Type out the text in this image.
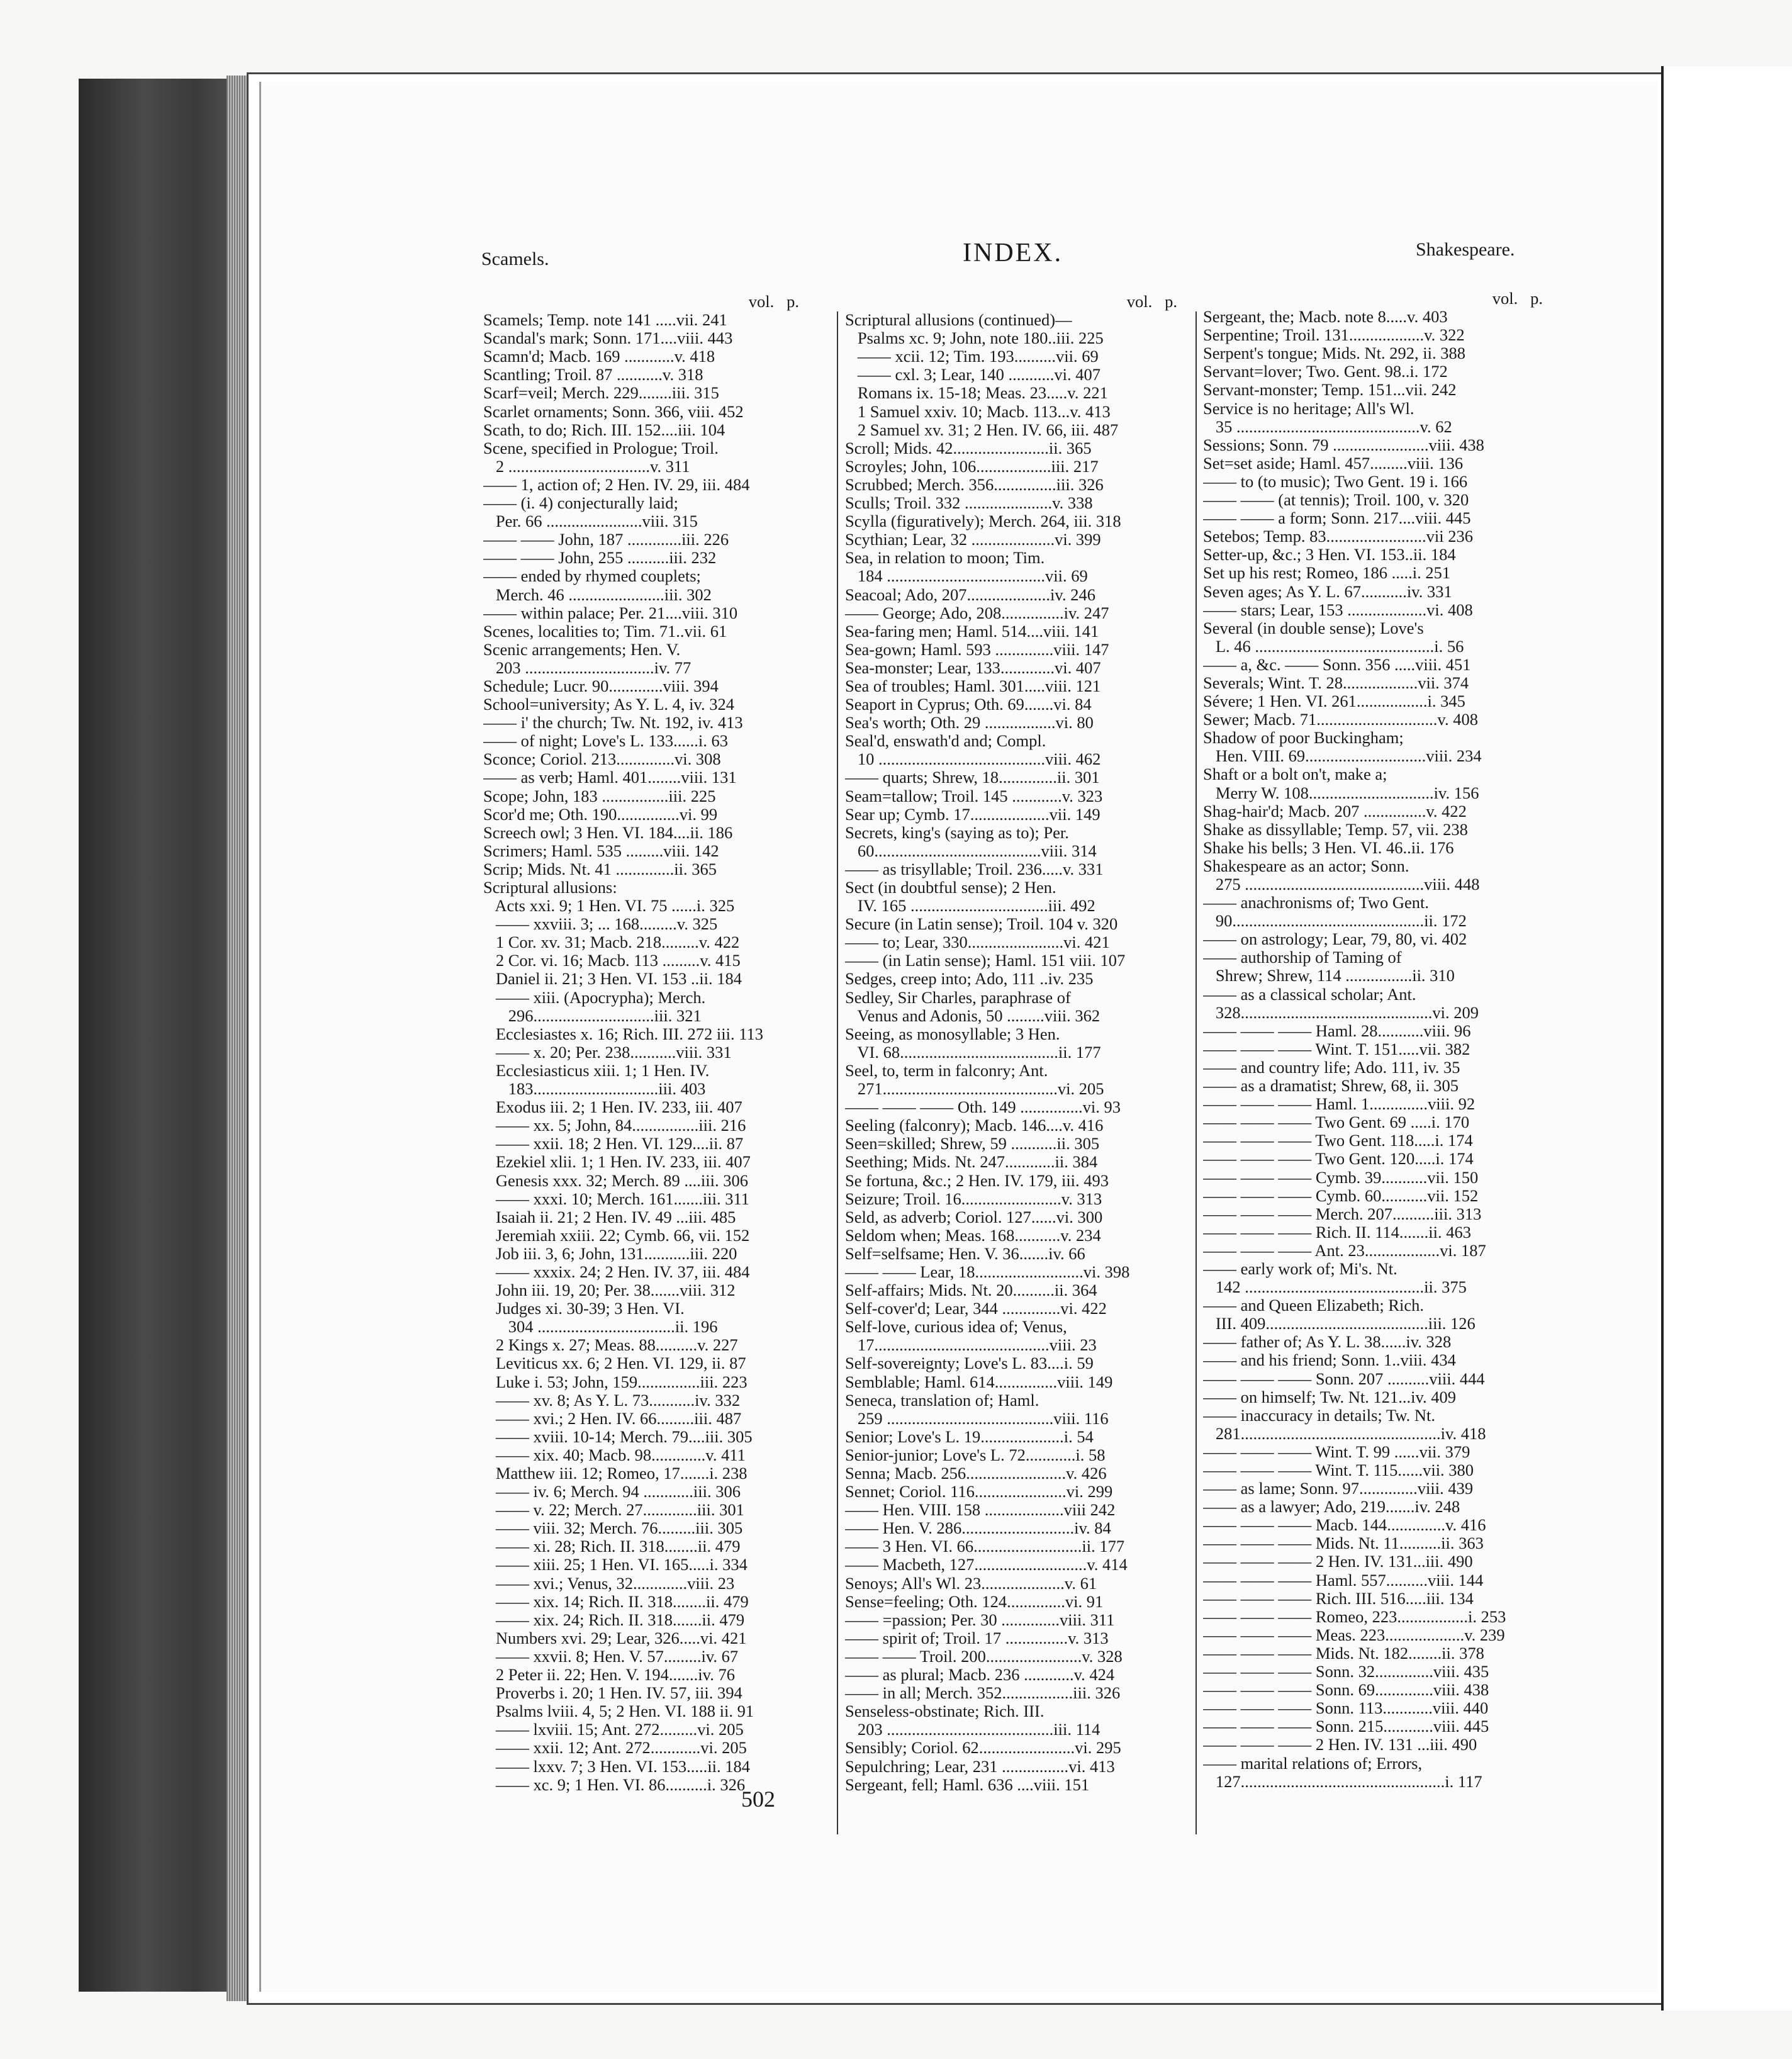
Scamels.	INDEX.	Shakespeare.
vol.   p.
Scamels; Temp. note 141 .....vii. 241
Scandal's mark; Sonn. 171....viii. 443
Scamn'd; Macb. 169 ............v. 418
Scantling; Troil. 87 ...........v. 318
Scarf=veil; Merch. 229........iii. 315
Scarlet ornaments; Sonn. 366, viii. 452
Scath, to do; Rich. III. 152....iii. 104
Scene, specified in Prologue; Troil.
2 ..................................v. 311
—— 1, action of; 2 Hen. IV. 29, iii. 484
—— (i. 4) conjecturally laid;
Per. 66 .......................viii. 315
—— —— John, 187 .............iii. 226
—— —— John, 255 ..........iii. 232
—— ended by rhymed couplets;
Merch. 46 .......................iii. 302
—— within palace; Per. 21....viii. 310
Scenes, localities to; Tim. 71..vii. 61
Scenic arrangements; Hen. V.
203 ...............................iv. 77
Schedule; Lucr. 90.............viii. 394
School=university; As Y. L. 4, iv. 324
—— i' the church; Tw. Nt. 192, iv. 413
—— of night; Love's L. 133......i. 63
Sconce; Coriol. 213..............vi. 308
—— as verb; Haml. 401........viii. 131
Scope; John, 183 ................iii. 225
Scor'd me; Oth. 190...............vi. 99
Screech owl; 3 Hen. VI. 184....ii. 186
Scrimers; Haml. 535 .........viii. 142
Scrip; Mids. Nt. 41 ..............ii. 365
Scriptural allusions:
Acts xxi. 9; 1 Hen. VI. 75 ......i. 325
—— xxviii. 3; ... 168.........v. 325
1 Cor. xv. 31; Macb. 218.........v. 422
2 Cor. vi. 16; Macb. 113 .........v. 415
Daniel ii. 21; 3 Hen. VI. 153 ..ii. 184
—— xiii. (Apocrypha); Merch.
296.............................iii. 321
Ecclesiastes x. 16; Rich. III. 272 iii. 113
—— x. 20; Per. 238...........viii. 331
Ecclesiasticus xiii. 1; 1 Hen. IV.
183..............................iii. 403
Exodus iii. 2; 1 Hen. IV. 233, iii. 407
—— xx. 5; John, 84................iii. 216
—— xxii. 18; 2 Hen. VI. 129....ii. 87
Ezekiel xlii. 1; 1 Hen. IV. 233, iii. 407
Genesis xxx. 32; Merch. 89 ....iii. 306
—— xxxi. 10; Merch. 161.......iii. 311
Isaiah ii. 21; 2 Hen. IV. 49 ...iii. 485
Jeremiah xxiii. 22; Cymb. 66, vii. 152
Job iii. 3, 6; John, 131...........iii. 220
—— xxxix. 24; 2 Hen. IV. 37, iii. 484
John iii. 19, 20; Per. 38.......viii. 312
Judges xi. 30-39; 3 Hen. VI.
304 .................................ii. 196
2 Kings x. 27; Meas. 88..........v. 227
Leviticus xx. 6; 2 Hen. VI. 129, ii. 87
Luke i. 53; John, 159...............iii. 223
—— xv. 8; As Y. L. 73...........iv. 332
—— xvi.; 2 Hen. IV. 66.........iii. 487
—— xviii. 10-14; Merch. 79....iii. 305
—— xix. 40; Macb. 98.............v. 411
Matthew iii. 12; Romeo, 17.......i. 238
—— iv. 6; Merch. 94 ............iii. 306
—— v. 22; Merch. 27.............iii. 301
—— viii. 32; Merch. 76.........iii. 305
—— xi. 28; Rich. II. 318........ii. 479
—— xiii. 25; 1 Hen. VI. 165.....i. 334
—— xvi.; Venus, 32.............viii. 23
—— xix. 14; Rich. II. 318........ii. 479
—— xix. 24; Rich. II. 318.......ii. 479
Numbers xvi. 29; Lear, 326.....vi. 421
—— xxvii. 8; Hen. V. 57.........iv. 67
2 Peter ii. 22; Hen. V. 194.......iv. 76
Proverbs i. 20; 1 Hen. IV. 57, iii. 394
Psalms lviii. 4, 5; 2 Hen. VI. 188 ii. 91
—— lxviii. 15; Ant. 272.........vi. 205
—— xxii. 12; Ant. 272............vi. 205
—— lxxv. 7; 3 Hen. VI. 153.....ii. 184
—— xc. 9; 1 Hen. VI. 86..........i. 326
vol.   p.
Scriptural allusions (continued)—
Psalms xc. 9; John, note 180..iii. 225
—— xcii. 12; Tim. 193..........vii. 69
—— cxl. 3; Lear, 140 ...........vi. 407
Romans ix. 15-18; Meas. 23.....v. 221
1 Samuel xxiv. 10; Macb. 113...v. 413
2 Samuel xv. 31; 2 Hen. IV. 66, iii. 487
Scroll; Mids. 42.......................ii. 365
Scroyles; John, 106..................iii. 217
Scrubbed; Merch. 356...............iii. 326
Sculls; Troil. 332 .....................v. 338
Scylla (figuratively); Merch. 264, iii. 318
Scythian; Lear, 32 ....................vi. 399
Sea, in relation to moon; Tim.
184 ......................................vii. 69
Seacoal; Ado, 207....................iv. 246
—— George; Ado, 208...............iv. 247
Sea-faring men; Haml. 514....viii. 141
Sea-gown; Haml. 593 ..............viii. 147
Sea-monster; Lear, 133.............vi. 407
Sea of troubles; Haml. 301.....viii. 121
Seaport in Cyprus; Oth. 69.......vi. 84
Sea's worth; Oth. 29 .................vi. 80
Seal'd, enswath'd and; Compl.
10 ........................................viii. 462
—— quarts; Shrew, 18..............ii. 301
Seam=tallow; Troil. 145 ............v. 323
Sear up; Cymb. 17...................vii. 149
Secrets, king's (saying as to); Per.
60........................................viii. 314
—— as trisyllable; Troil. 236.....v. 331
Sect (in doubtful sense); 2 Hen.
IV. 165 .................................iii. 492
Secure (in Latin sense); Troil. 104 v. 320
—— to; Lear, 330.......................vi. 421
—— (in Latin sense); Haml. 151 viii. 107
Sedges, creep into; Ado, 111 ..iv. 235
Sedley, Sir Charles, paraphrase of
Venus and Adonis, 50 .........viii. 362
Seeing, as monosyllable; 3 Hen.
VI. 68......................................ii. 177
Seel, to, term in falconry; Ant.
271..........................................vi. 205
—— —— —— Oth. 149 ...............vi. 93
Seeling (falconry); Macb. 146....v. 416
Seen=skilled; Shrew, 59 ...........ii. 305
Seething; Mids. Nt. 247............ii. 384
Se fortuna, &c.; 2 Hen. IV. 179, iii. 493
Seizure; Troil. 16........................v. 313
Seld, as adverb; Coriol. 127......vi. 300
Seldom when; Meas. 168...........v. 234
Self=selfsame; Hen. V. 36.......iv. 66
—— —— Lear, 18..........................vi. 398
Self-affairs; Mids. Nt. 20..........ii. 364
Self-cover'd; Lear, 344 ..............vi. 422
Self-love, curious idea of; Venus,
17..........................................viii. 23
Self-sovereignty; Love's L. 83....i. 59
Semblable; Haml. 614...............viii. 149
Seneca, translation of; Haml.
259 ........................................viii. 116
Senior; Love's L. 19....................i. 54
Senior-junior; Love's L. 72............i. 58
Senna; Macb. 256........................v. 426
Sennet; Coriol. 116......................vi. 299
—— Hen. VIII. 158 ...................viii 242
—— Hen. V. 286...........................iv. 84
—— 3 Hen. VI. 66..........................ii. 177
—— Macbeth, 127...........................v. 414
Senoys; All's Wl. 23....................v. 61
Sense=feeling; Oth. 124..............vi. 91
—— =passion; Per. 30 ..............viii. 311
—— spirit of; Troil. 17 ...............v. 313
—— —— Troil. 200.......................v. 328
—— as plural; Macb. 236 ............v. 424
—— in all; Merch. 352.................iii. 326
Senseless-obstinate; Rich. III.
203 ........................................iii. 114
Sensibly; Coriol. 62.......................vi. 295
Sepulchring; Lear, 231 ................vi. 413
Sergeant, fell; Haml. 636 ....viii. 151
vol.   p.
Sergeant, the; Macb. note 8.....v. 403
Serpentine; Troil. 131..................v. 322
Serpent's tongue; Mids. Nt. 292, ii. 388
Servant=lover; Two. Gent. 98..i. 172
Servant-monster; Temp. 151...vii. 242
Service is no heritage; All's Wl.
35 ............................................v. 62
Sessions; Sonn. 79 .......................viii. 438
Set=set aside; Haml. 457.........viii. 136
—— to (to music); Two Gent. 19 i. 166
—— —— (at tennis); Troil. 100, v. 320
—— —— a form; Sonn. 217....viii. 445
Setebos; Temp. 83........................vii 236
Setter-up, &c.; 3 Hen. VI. 153..ii. 184
Set up his rest; Romeo, 186 .....i. 251
Seven ages; As Y. L. 67...........iv. 331
—— stars; Lear, 153 ...................vi. 408
Several (in double sense); Love's
L. 46 ...........................................i. 56
—— a, &c. —— Sonn. 356 .....viii. 451
Severals; Wint. T. 28..................vii. 374
Sévere; 1 Hen. VI. 261.................i. 345
Sewer; Macb. 71.............................v. 408
Shadow of poor Buckingham;
Hen. VIII. 69.............................viii. 234
Shaft or a bolt on't, make a;
Merry W. 108..............................iv. 156
Shag-hair'd; Macb. 207 ...............v. 422
Shake as dissyllable; Temp. 57, vii. 238
Shake his bells; 3 Hen. VI. 46..ii. 176
Shakespeare as an actor; Sonn.
275 ...........................................viii. 448
—— anachronisms of; Two Gent.
90..............................................ii. 172
—— on astrology; Lear, 79, 80, vi. 402
—— authorship of Taming of
Shrew; Shrew, 114 ................ii. 310
—— as a classical scholar; Ant.
328..............................................vi. 209
—— —— —— Haml. 28...........viii. 96
—— —— —— Wint. T. 151.....vii. 382
—— and country life; Ado. 111, iv. 35
—— as a dramatist; Shrew, 68, ii. 305
—— —— —— Haml. 1..............viii. 92
—— —— —— Two Gent. 69 .....i. 170
—— —— —— Two Gent. 118.....i. 174
—— —— —— Two Gent. 120.....i. 174
—— —— —— Cymb. 39...........vii. 150
—— —— —— Cymb. 60...........vii. 152
—— —— —— Merch. 207..........iii. 313
—— —— —— Rich. II. 114.......ii. 463
—— —— —— Ant. 23..................vi. 187
—— early work of; Mi's. Nt.
142 ...........................................ii. 375
—— and Queen Elizabeth; Rich.
III. 409.......................................iii. 126
—— father of; As Y. L. 38......iv. 328
—— and his friend; Sonn. 1..viii. 434
—— —— —— Sonn. 207 ..........viii. 444
—— on himself; Tw. Nt. 121...iv. 409
—— inaccuracy in details; Tw. Nt.
281................................................iv. 418
—— —— —— Wint. T. 99 ......vii. 379
—— —— —— Wint. T. 115......vii. 380
—— as lame; Sonn. 97..............viii. 439
—— as a lawyer; Ado, 219.......iv. 248
—— —— —— Macb. 144..............v. 416
—— —— —— Mids. Nt. 11..........ii. 363
—— —— —— 2 Hen. IV. 131...iii. 490
—— —— —— Haml. 557..........viii. 144
—— —— —— Rich. III. 516.....iii. 134
—— —— —— Romeo, 223.................i. 253
—— —— —— Meas. 223...................v. 239
—— —— —— Mids. Nt. 182........ii. 378
—— —— —— Sonn. 32..............viii. 435
—— —— —— Sonn. 69..............viii. 438
—— —— —— Sonn. 113............viii. 440
—— —— —— Sonn. 215............viii. 445
—— —— —— 2 Hen. IV. 131 ...iii. 490
—— marital relations of; Errors,
127.................................................i. 117
502
